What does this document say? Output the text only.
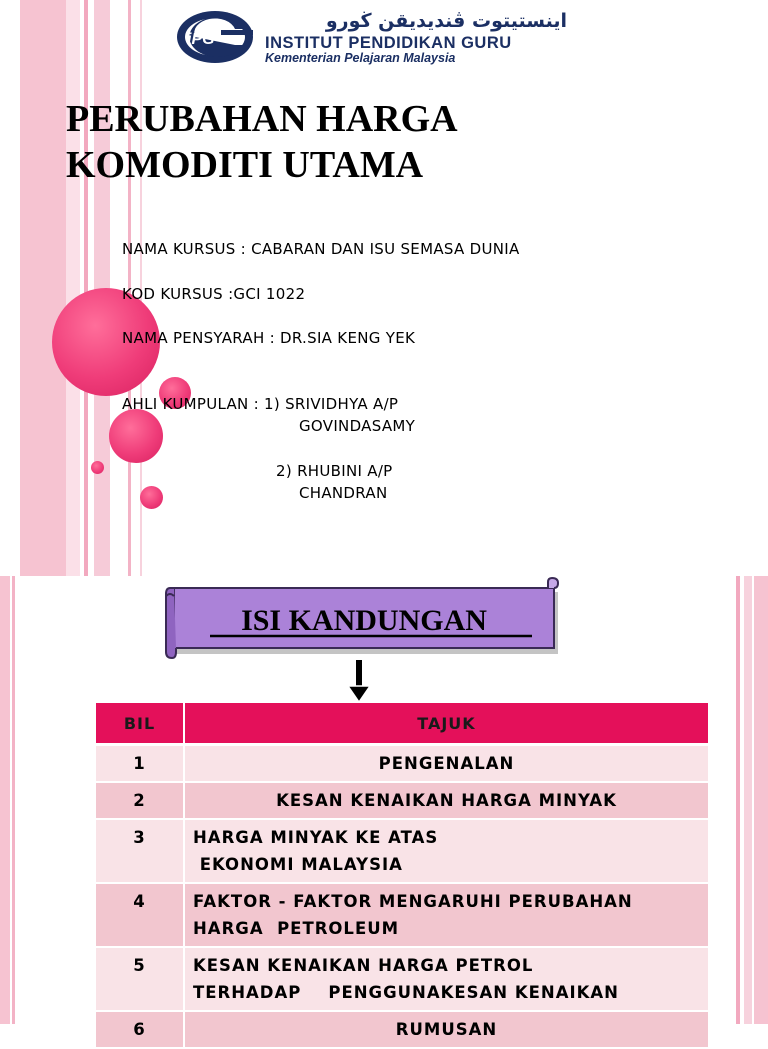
iPG
اينستيتوت ڤنديديقن ڬورو
INSTITUT PENDIDIKAN GURU
Kementerian Pelajaran Malaysia
PERUBAHAN HARGA
KOMODITI UTAMA
NAMA KURSUS : CABARAN DAN ISU SEMASA DUNIA
KOD KURSUS :GCI 1022
NAMA PENSYARAH : DR.SIA KENG YEK
AHLI KUMPULAN : 1) SRIVIDHYA A/P
GOVINDASAMY
2) RHUBINI A/P
CHANDRAN
ISI KANDUNGAN
BIL	TAJUK
1	PENGENALAN
2	KESAN KENAIKAN HARGA MINYAK
3	HARGA MINYAK KE ATAS
EKONOMI MALAYSIA
4	FAKTOR - FAKTOR MENGARUHI PERUBAHAN
HARGA  PETROLEUM
5	KESAN KENAIKAN HARGA PETROL
TERHADAP    PENGGUNAKESAN KENAIKAN
6	RUMUSAN
